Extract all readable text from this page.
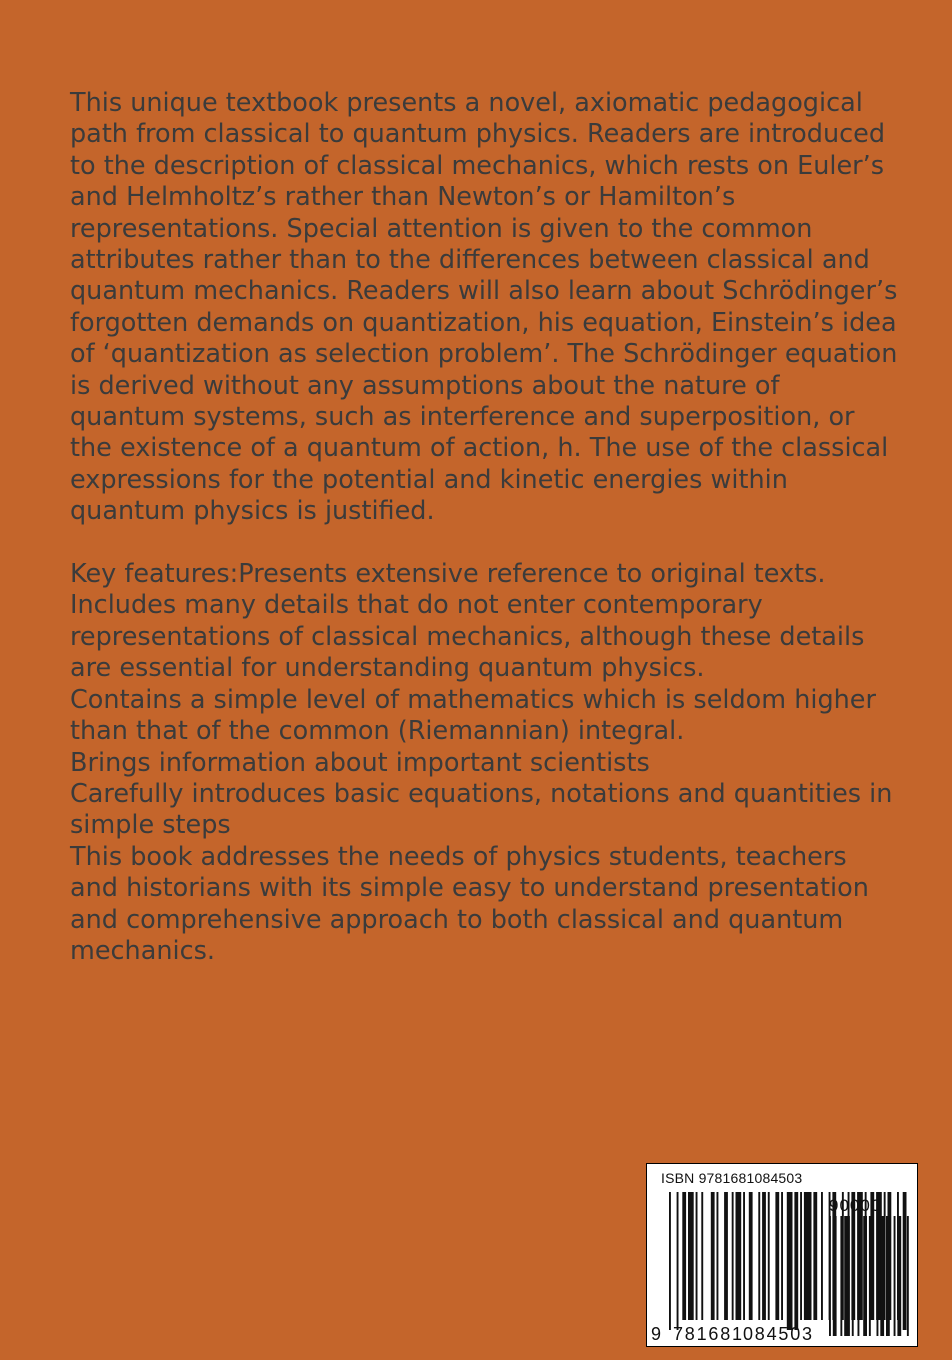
This unique textbook presents a novel, axiomatic pedagogical path from classical to quantum physics. Readers are introduced to the description of classical mechanics, which rests on Euler’s and Helmholtz’s rather than Newton’s or Hamilton’s representations. Special attention is given to the common attributes rather than to the differences between classical and quantum mechanics. Readers will also learn about Schrödinger’s forgotten demands on quantization, his equation, Einstein’s idea of ‘quantization as selection problem’. The Schrödinger equation is derived without any assumptions about the nature of quantum systems, such as interference and superposition, or the existence of a quantum of action, h. The use of the classical expressions for the potential and kinetic energies within quantum physics is justified.

Key features:Presents extensive reference to original texts.

Includes many details that do not enter contemporary representations of classical mechanics, although these details are essential for understanding quantum physics.

Contains a simple level of mathematics which is seldom higher than that of the common (Riemannian) integral.

Brings information about important scientists

Carefully introduces basic equations, notations and quantities in simple steps

This book addresses the needs of physics students, teachers and historians with its simple easy to understand presentation and comprehensive approach to both classical and quantum mechanics.

ISBN 9781681084503
90000
9 781681 084503
